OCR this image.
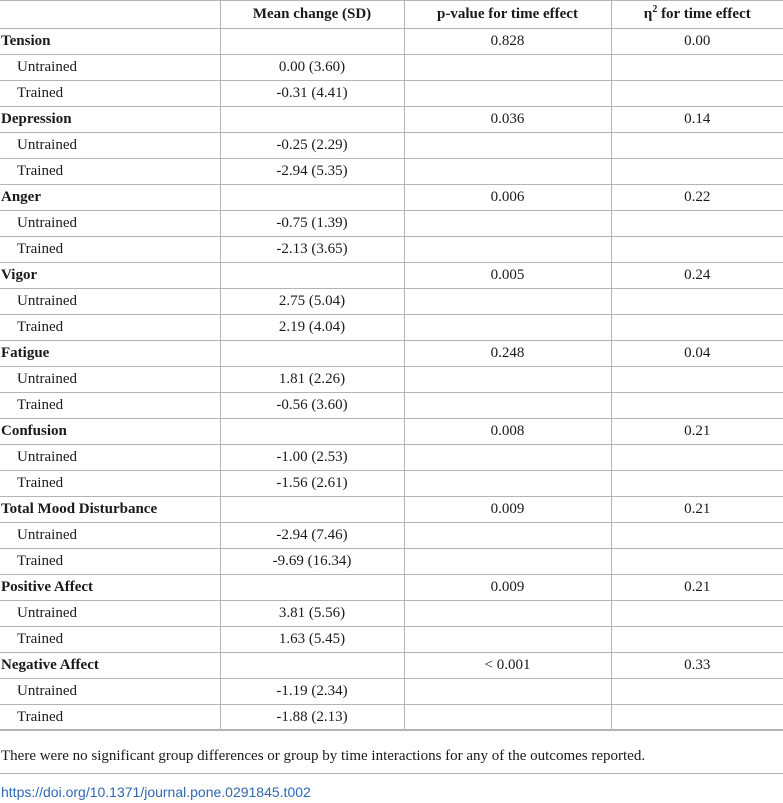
	Mean change (SD)	p-value for time effect	$\eta^2$ for time effect
Tension		0.828	0.00
Untrained	0.00 (3.60)		
Trained	-0.31 (4.41)		
Depression		0.036	0.14
Untrained	-0.25 (2.29)		
Trained	-2.94 (5.35)		
Anger		0.006	0.22
Untrained	-0.75 (1.39)		
Trained	-2.13 (3.65)		
Vigor		0.005	0.24
Untrained	2.75 (5.04)		
Trained	2.19 (4.04)		
Fatigue		0.248	0.04
Untrained	1.81 (2.26)		
Trained	-0.56 (3.60)		
Confusion		0.008	0.21
Untrained	-1.00 (2.53)		
Trained	-1.56 (2.61)		
Total Mood Disturbance		0.009	0.21
Untrained	-2.94 (7.46)		
Trained	-9.69 (16.34)		
Positive Affect		0.009	0.21
Untrained	3.81 (5.56)		
Trained	1.63 (5.45)		
Negative Affect		< 0.001	0.33
Untrained	-1.19 (2.34)		
Trained	-1.88 (2.13)		
There were no significant group differences or group by time interactions for any of the outcomes reported.
https://doi.org/10.1371/journal.pone.0291845.t002
